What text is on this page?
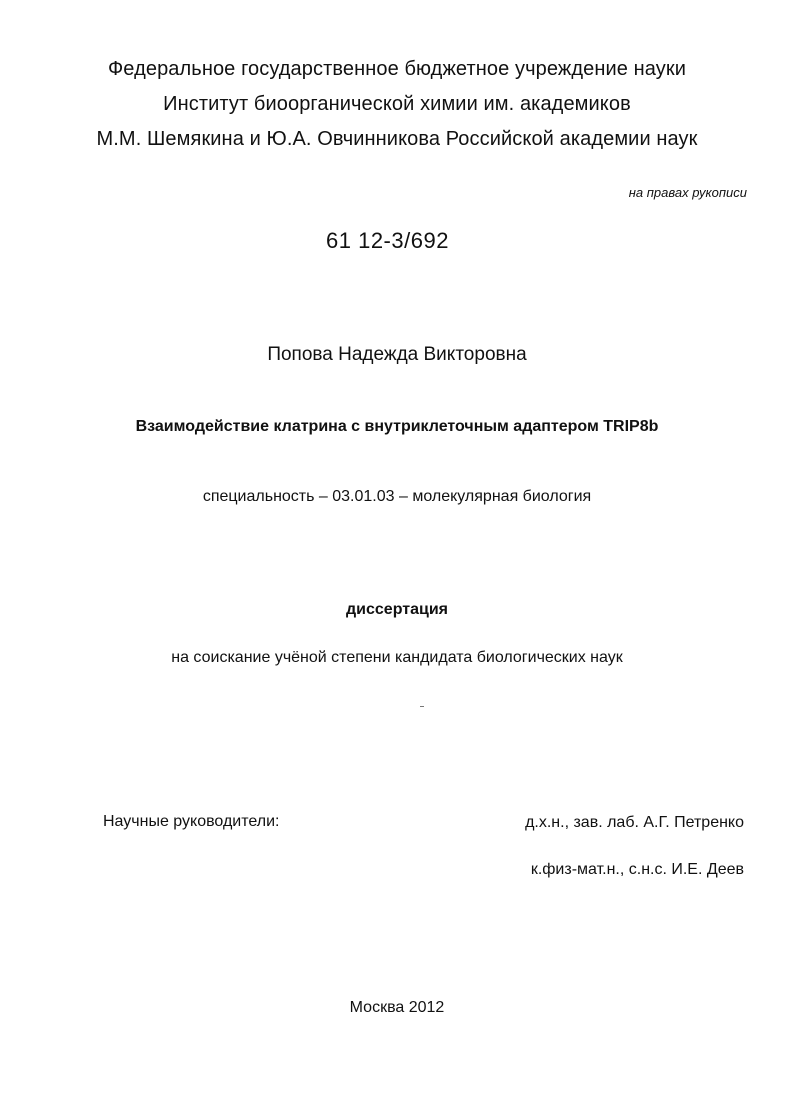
Федеральное государственное бюджетное учреждение науки
Институт биоорганической химии им. академиков
М.М. Шемякина и Ю.А. Овчинникова Российской академии наук
на правах рукописи
61 12-3/692
Попова Надежда Викторовна
Взаимодействие клатрина с внутриклеточным адаптером TRIP8b
специальность – 03.01.03 – молекулярная биология
диссертация
на соискание учёной степени кандидата биологических наук
Научные руководители:	д.х.н., зав. лаб. А.Г. Петренко
к.физ-мат.н., с.н.с. И.Е. Деев
Москва 2012
